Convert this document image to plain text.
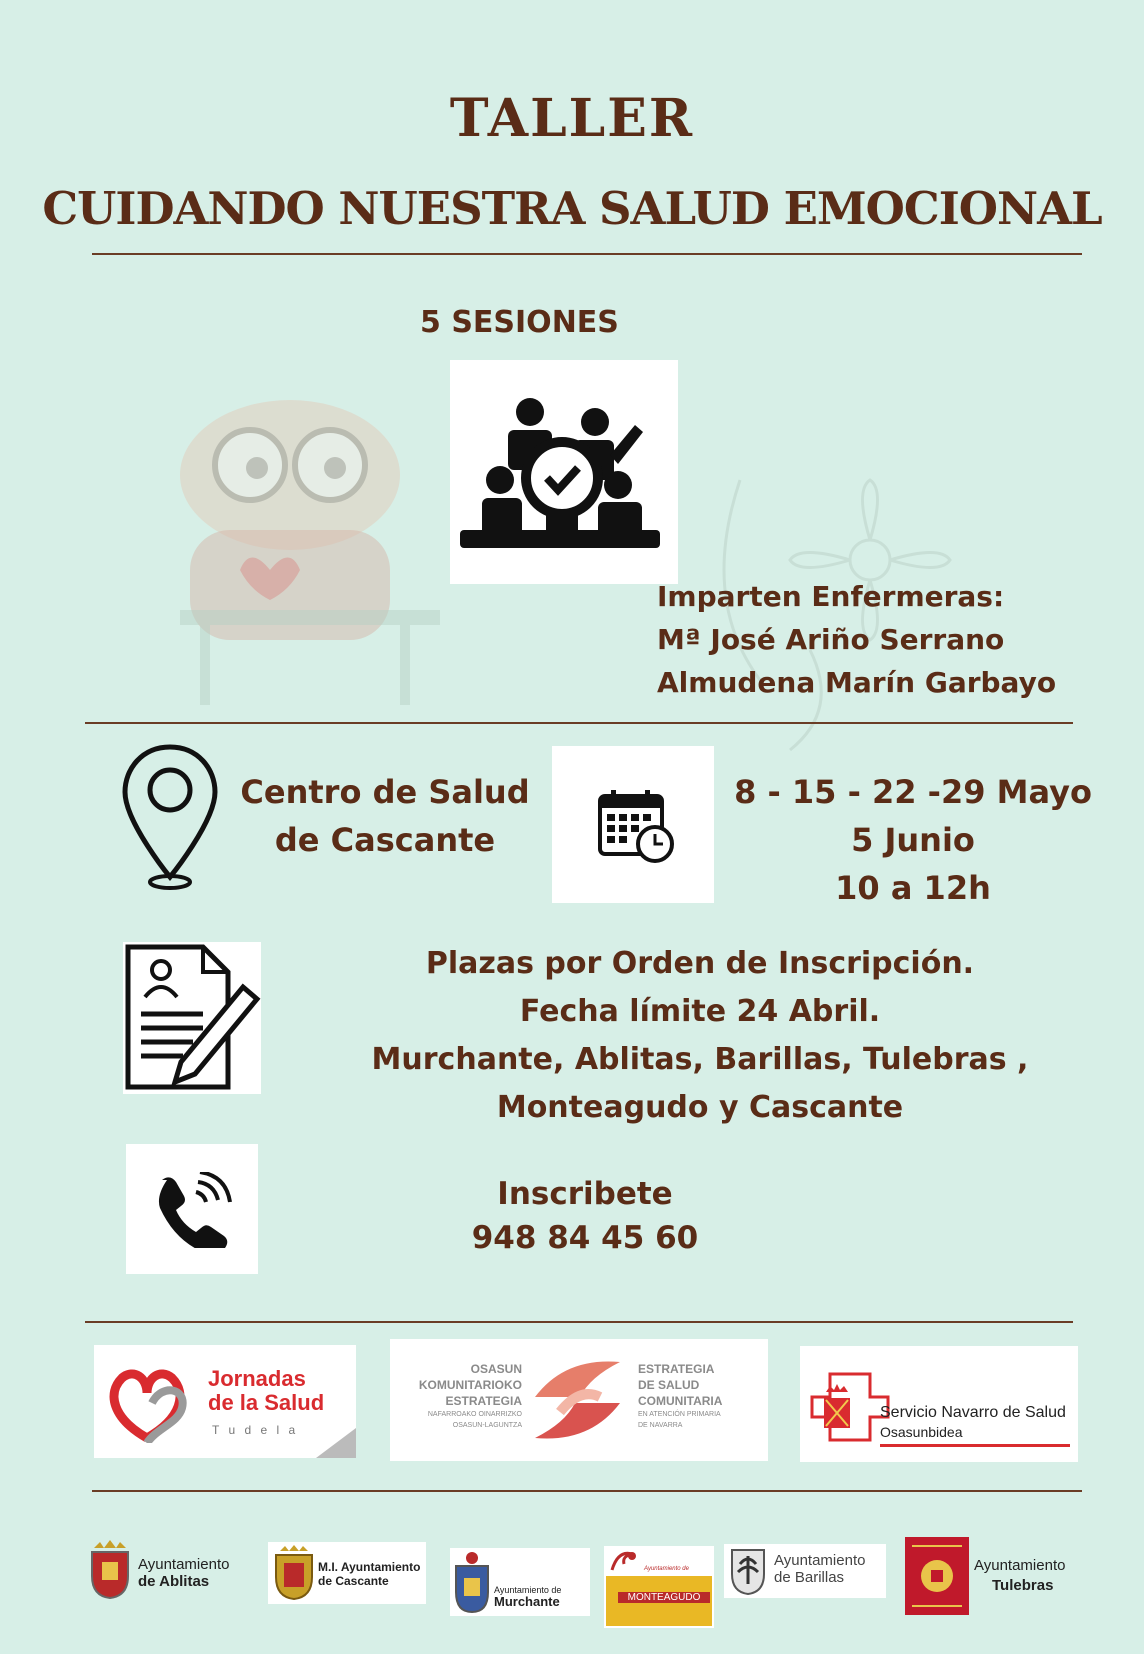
TALLER
CUIDANDO NUESTRA SALUD EMOCIONAL
5 SESIONES
Imparten Enfermeras:
Mª José Ariño Serrano
Almudena Marín Garbayo
Centro de Salud
de Cascante
8 - 15 - 22 -29 Mayo
5 Junio
10 a 12h
Plazas por Orden de Inscripción.
Fecha límite 24 Abril.
Murchante, Ablitas, Barillas, Tulebras ,
Monteagudo y Cascante
Inscribete
948 84 45 60
Jornadas
de la Salud
T u d e l a
OSASUN
KOMUNITARIOKO
ESTRATEGIA
NAFARROAKO OINARRIZKO
OSASUN-LAGUNTZA
ESTRATEGIA
DE SALUD
COMUNITARIA
EN ATENCIÓN PRIMARIA
DE NAVARRA
Servicio Navarro de Salud
Osasunbidea
Ayuntamiento
de Ablitas
M.I. Ayuntamiento
de Cascante
Ayuntamiento de
Murchante
Ayuntamiento de
MONTEAGUDO
Ayuntamiento
de Barillas
Ayuntamiento
Tulebras
